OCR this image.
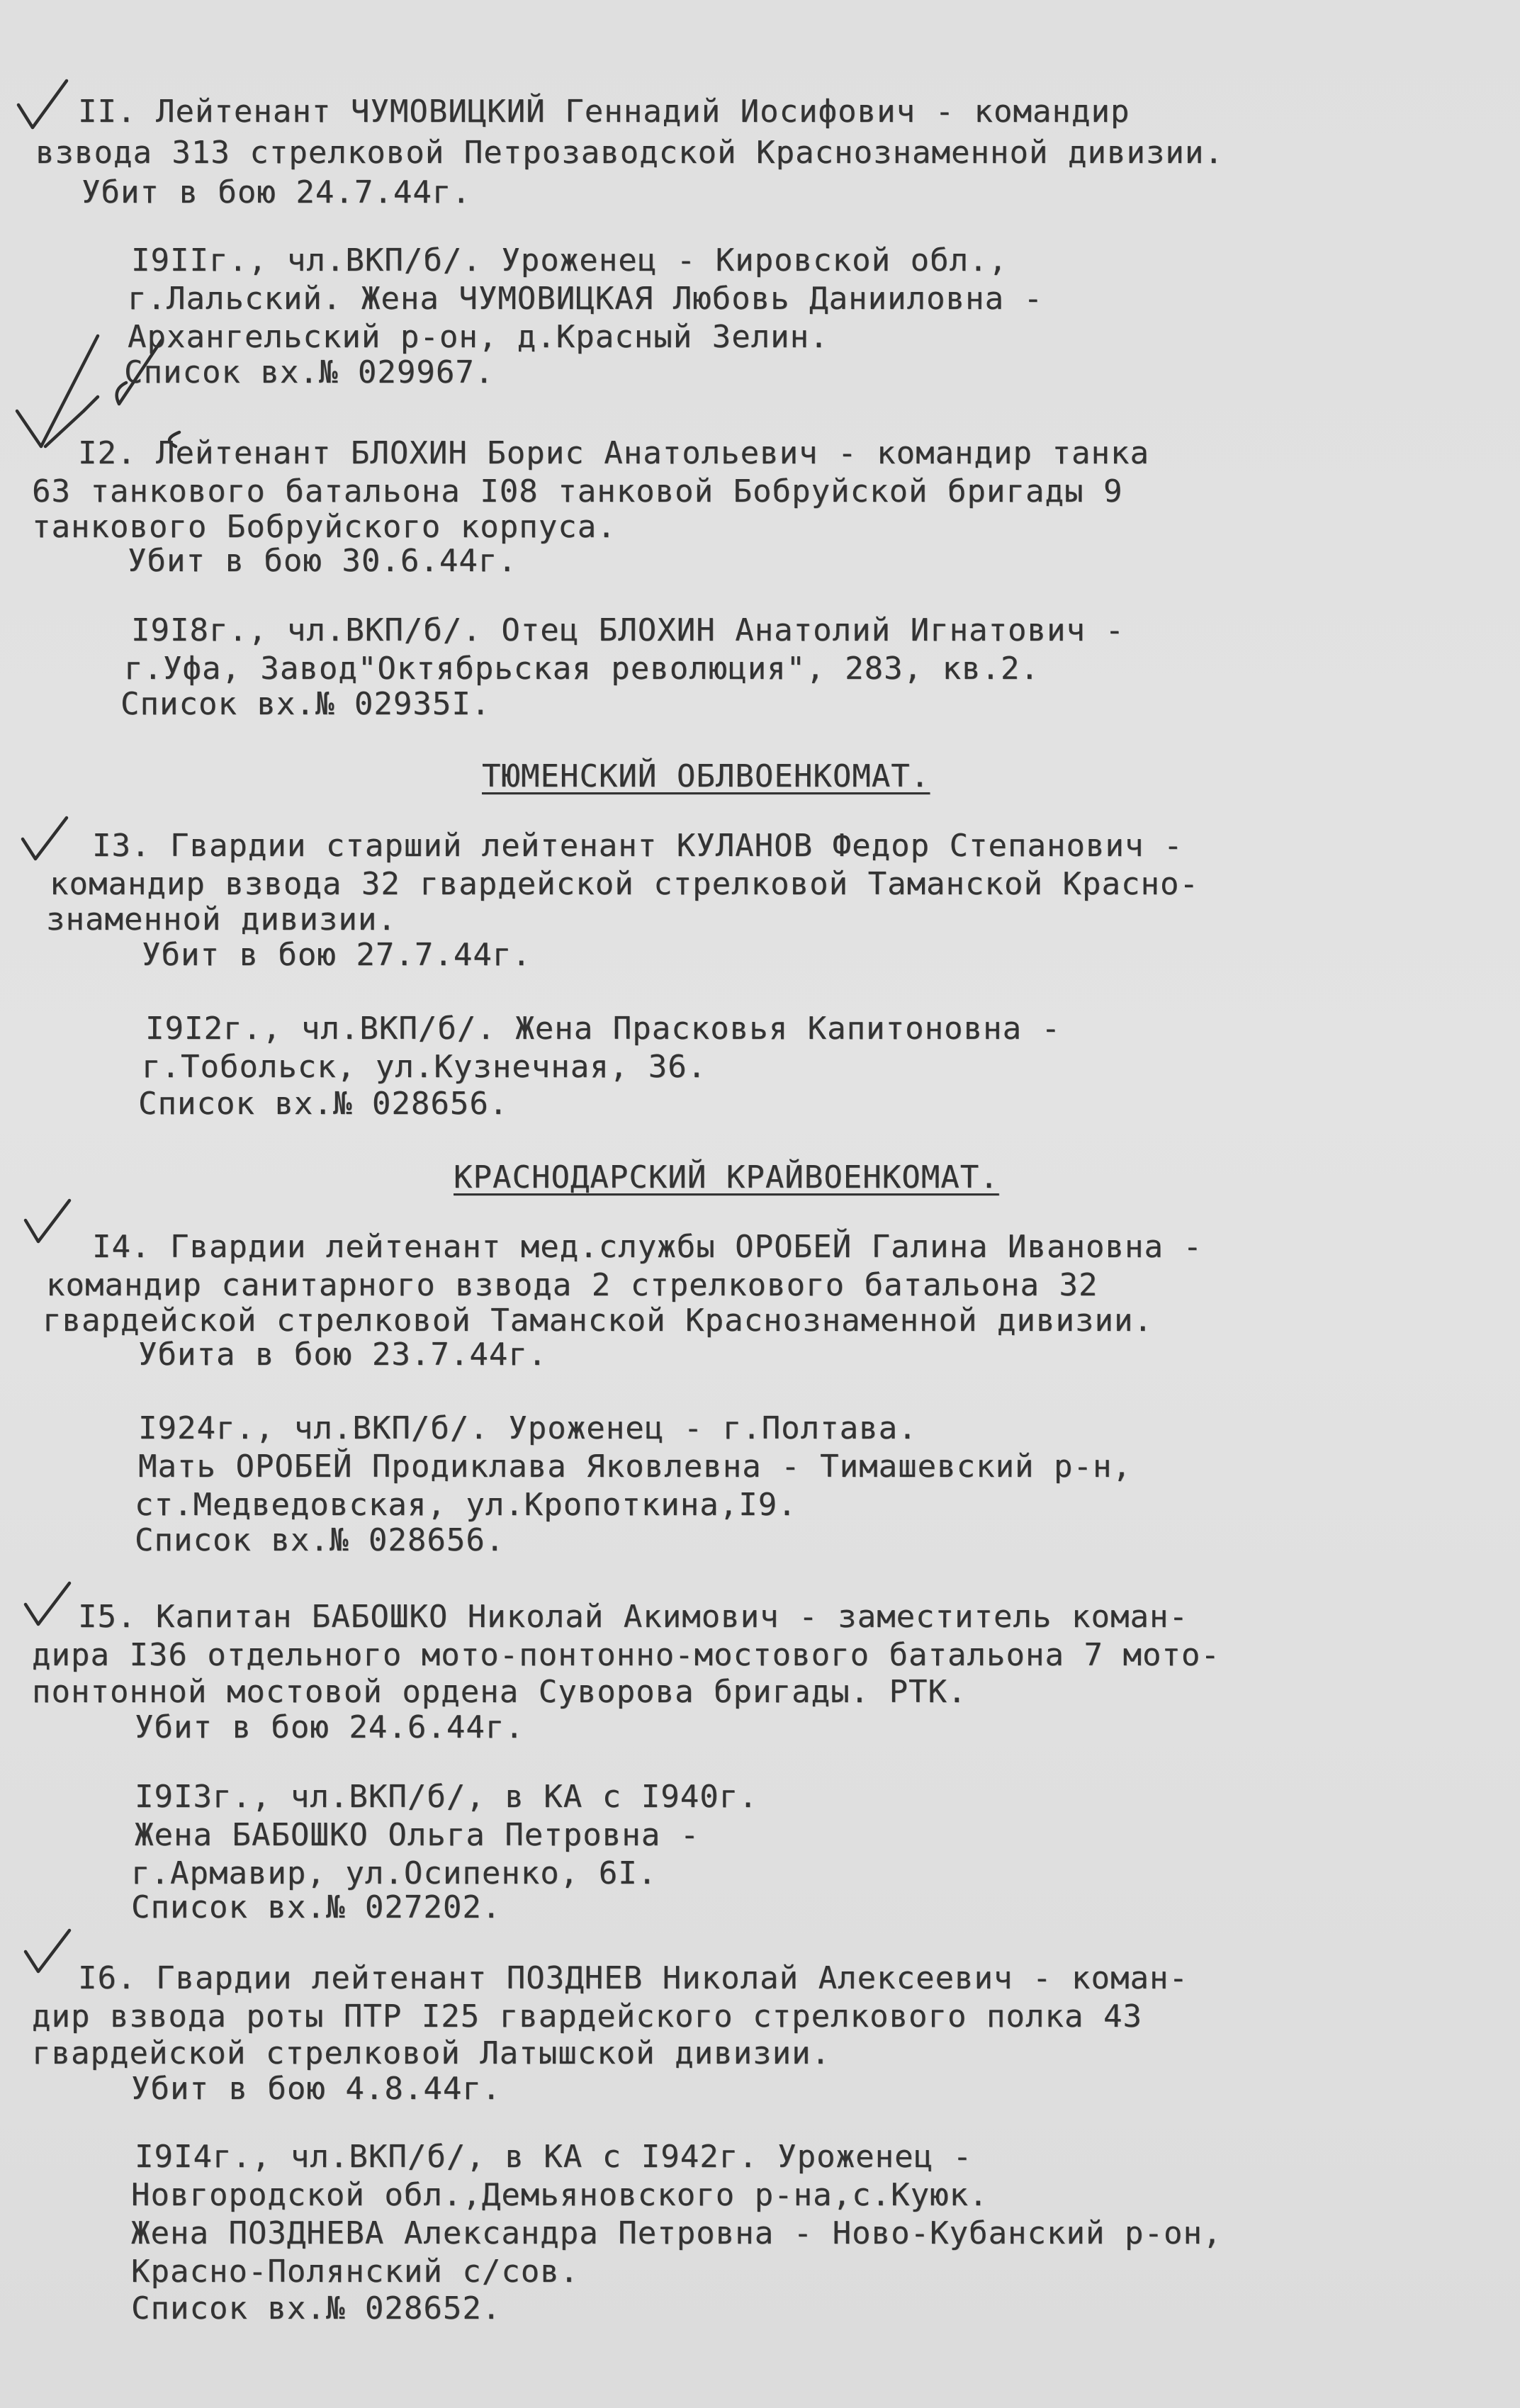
II. Лейтенант ЧУМОВИЦКИЙ Геннадий Иосифович - командир
взвода 313 стрелковой Петрозаводской Краснознаменной дивизии.
Убит в бою 24.7.44г.
I9IIг., чл.ВКП/б/. Уроженец - Кировской обл.,
г.Лальский. Жена ЧУМОВИЦКАЯ Любовь Данииловна -
Архангельский р-он, д.Красный Зелин.
Список вх.№ 029967.
I2. Лейтенант БЛОХИН Борис Анатольевич - командир танка
63 танкового батальона I08 танковой Бобруйской бригады 9
танкового Бобруйского корпуса.
Убит в бою 30.6.44г.
I9I8г., чл.ВКП/б/. Отец БЛОХИН Анатолий Игнатович -
г.Уфа, Завод"Октябрьская революция", 283, кв.2.
Список вх.№ 02935I.
ТЮМЕНСКИЙ ОБЛВОЕНКОМАТ.
I3. Гвардии старший лейтенант КУЛАНОВ Федор Степанович -
командир взвода 32 гвардейской стрелковой Таманской Красно-
знаменной дивизии.
Убит в бою 27.7.44г.
I9I2г., чл.ВКП/б/. Жена Прасковья Капитоновна -
г.Тобольск, ул.Кузнечная, 36.
Список вх.№ 028656.
КРАСНОДАРСКИЙ КРАЙВОЕНКОМАТ.
I4. Гвардии лейтенант мед.службы ОРОБЕЙ Галина Ивановна -
командир санитарного взвода 2 стрелкового батальона 32
гвардейской стрелковой Таманской Краснознаменной дивизии.
Убита в бою 23.7.44г.
I924г., чл.ВКП/б/. Уроженец - г.Полтава.
Мать ОРОБЕЙ Продиклава Яковлевна - Тимашевский р-н,
ст.Медведовская, ул.Кропоткина,I9.
Список вх.№ 028656.
I5. Капитан БАБОШКО Николай Акимович - заместитель коман-
дира I36 отдельного мото-понтонно-мостового батальона 7 мото-
понтонной мостовой ордена Суворова бригады. РТК.
Убит в бою 24.6.44г.
I9I3г., чл.ВКП/б/, в КА с I940г.
Жена БАБОШКО Ольга Петровна -
г.Армавир, ул.Осипенко, 6I.
Список вх.№ 027202.
I6. Гвардии лейтенант ПОЗДНЕВ Николай Алексеевич - коман-
дир взвода роты ПТР I25 гвардейского стрелкового полка 43
гвардейской стрелковой Латышской дивизии.
Убит в бою 4.8.44г.
I9I4г., чл.ВКП/б/, в КА с I942г. Уроженец -
Новгородской обл.,Демьяновского р-на,с.Куюк.
Жена ПОЗДНЕВА Александра Петровна - Ново-Кубанский р-он,
Красно-Полянский с/сов.
Список вх.№ 028652.
